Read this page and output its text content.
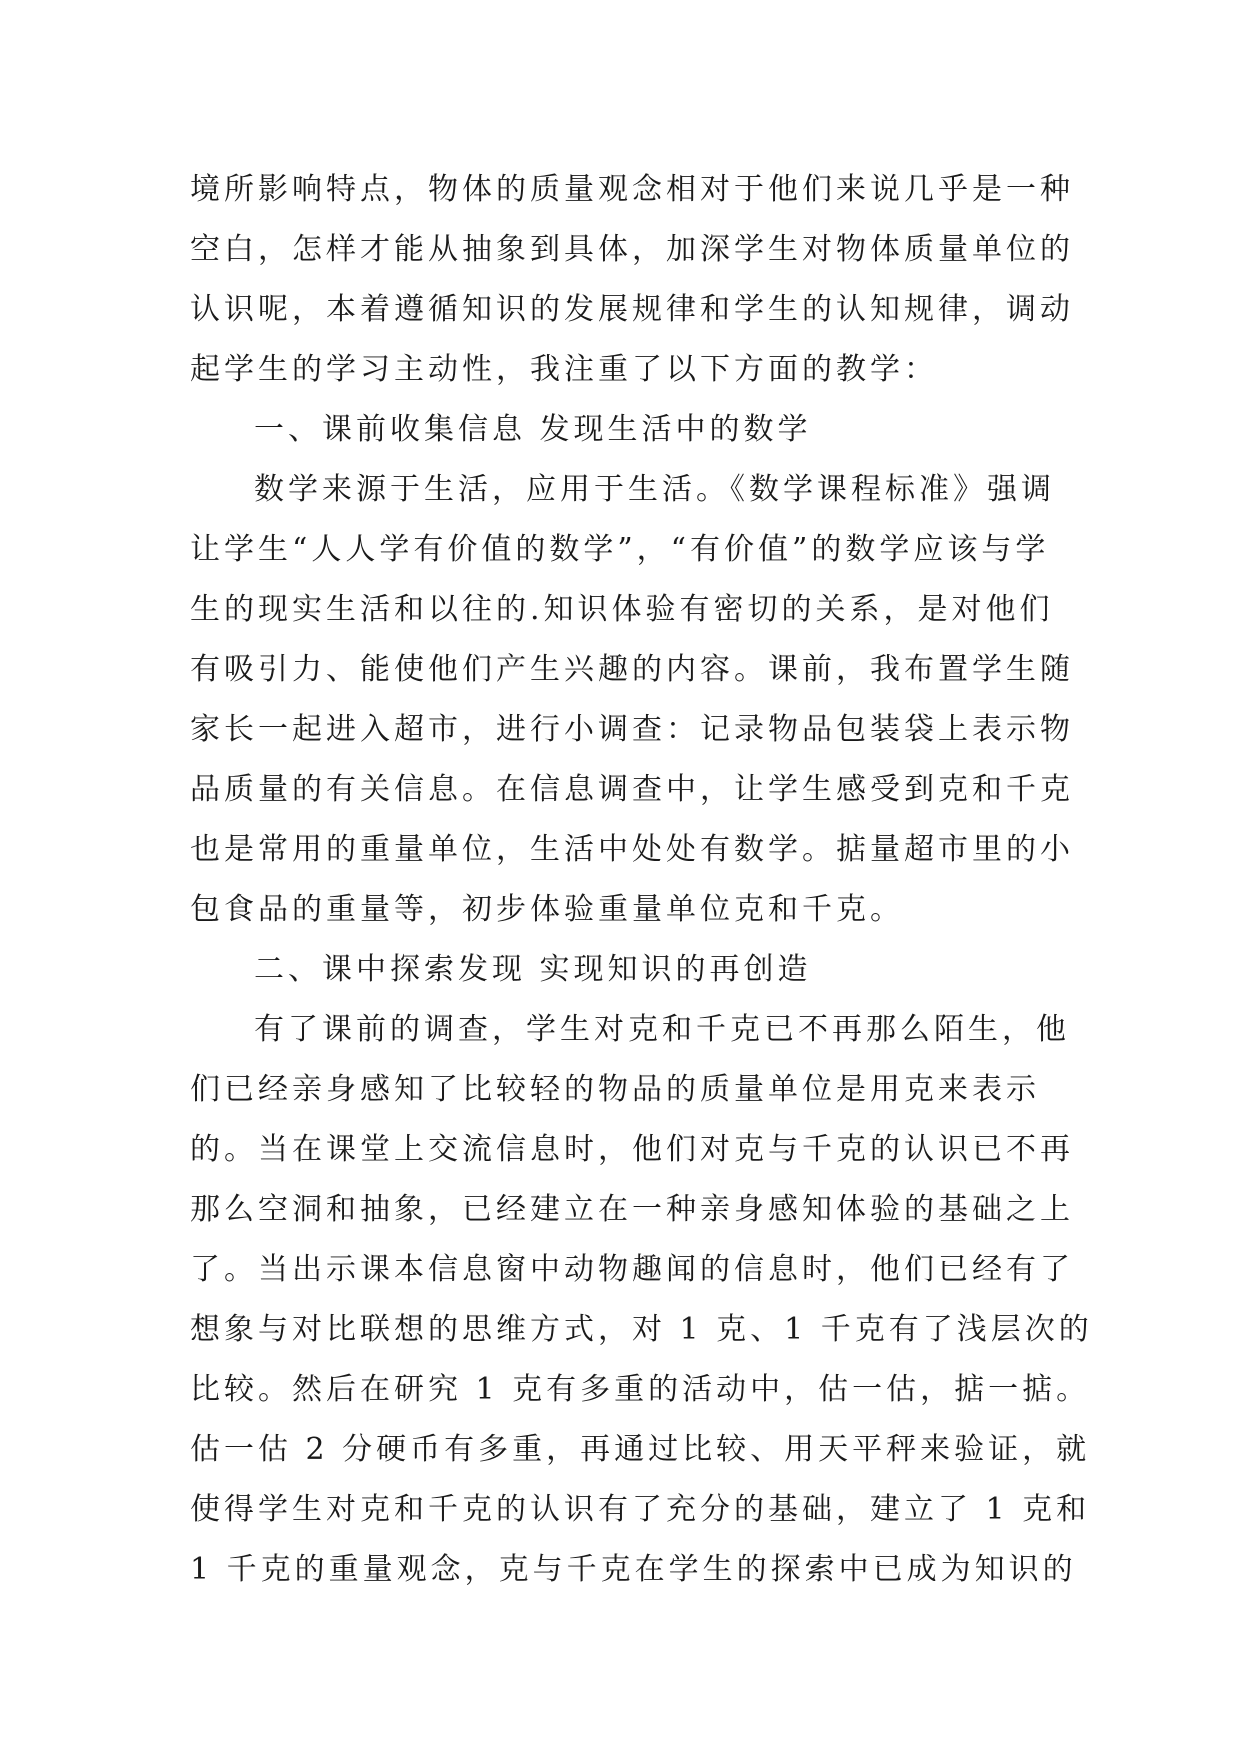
境所影响特点，物体的质量观念相对于他们来说几乎是一种
空白，怎样才能从抽象到具体，加深学生对物体质量单位的
认识呢，本着遵循知识的发展规律和学生的认知规律，调动
起学生的学习主动性，我注重了以下方面的教学：
一、课前收集信息 发现生活中的数学
数学来源于生活，应用于生活。《数学课程标准》强调
让学生“人人学有价值的数学”，“有价值”的数学应该与学
生的现实生活和以往的.知识体验有密切的关系，是对他们
有吸引力、能使他们产生兴趣的内容。课前，我布置学生随
家长一起进入超市，进行小调查：记录物品包装袋上表示物
品质量的有关信息。在信息调查中，让学生感受到克和千克
也是常用的重量单位，生活中处处有数学。掂量超市里的小
包食品的重量等，初步体验重量单位克和千克。
二、课中探索发现 实现知识的再创造
有了课前的调查，学生对克和千克已不再那么陌生，他
们已经亲身感知了比较轻的物品的质量单位是用克来表示
的。当在课堂上交流信息时，他们对克与千克的认识已不再
那么空洞和抽象，已经建立在一种亲身感知体验的基础之上
了。当出示课本信息窗中动物趣闻的信息时，他们已经有了
想象与对比联想的思维方式，对 1 克、1 千克有了浅层次的
比较。然后在研究 1 克有多重的活动中，估一估，掂一掂。
估一估 2 分硬币有多重，再通过比较、用天平秤来验证，就
使得学生对克和千克的认识有了充分的基础，建立了 1 克和
1 千克的重量观念，克与千克在学生的探索中已成为知识的
